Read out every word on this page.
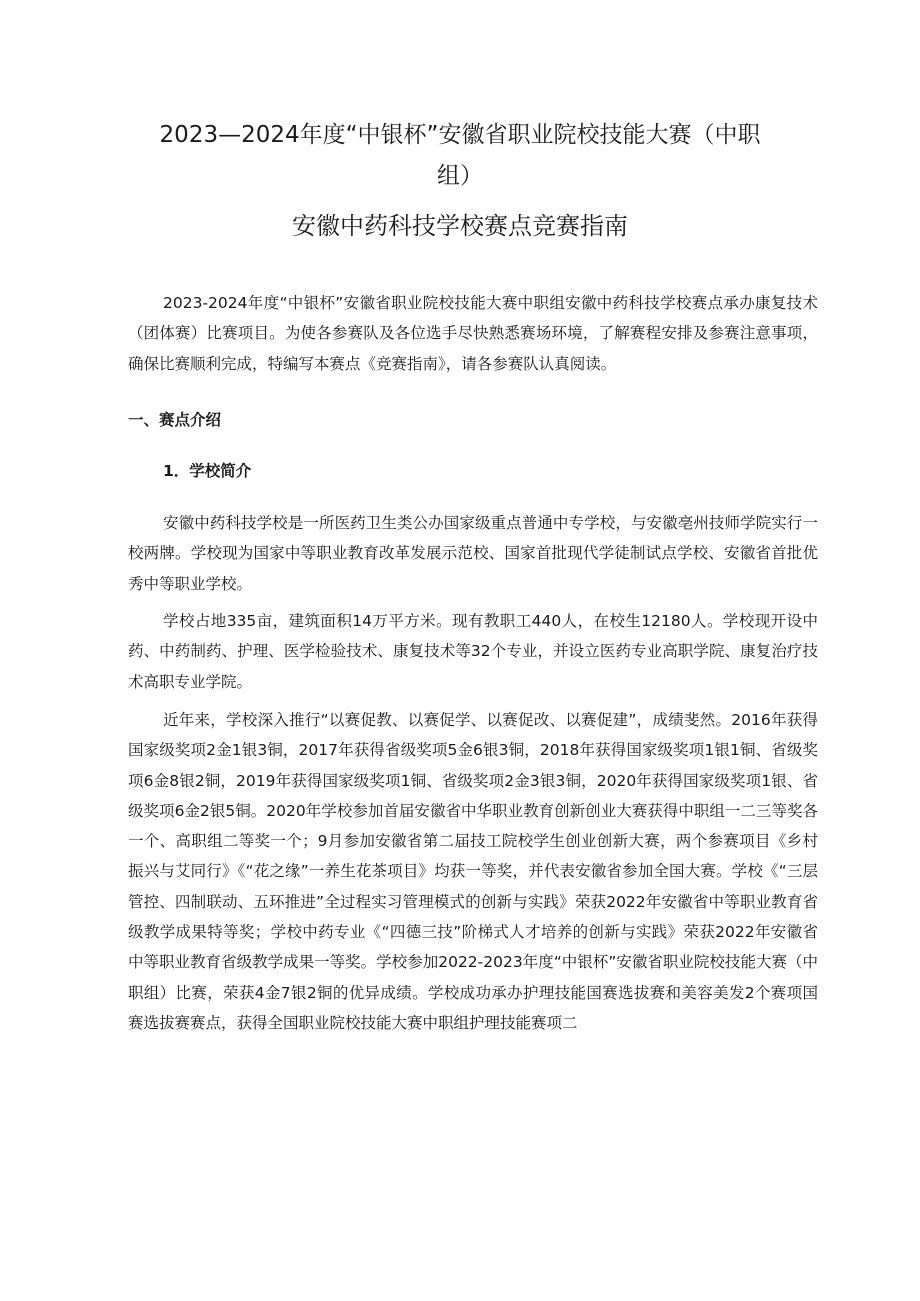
2023—2024年度“中银杯”安徽省职业院校技能大赛（中职
组）
安徽中药科技学校赛点竞赛指南

2023-2024年度“中银杯”安徽省职业院校技能大赛中职组安徽中药科技学校赛点承办康复技术（团体赛）比赛项目。为使各参赛队及各位选手尽快熟悉赛场环境，了解赛程安排及参赛注意事项，确保比赛顺利完成，特编写本赛点《竞赛指南》，请各参赛队认真阅读。

一、赛点介绍
1．学校简介

安徽中药科技学校是一所医药卫生类公办国家级重点普通中专学校，与安徽亳州技师学院实行一校两牌。学校现为国家中等职业教育改革发展示范校、国家首批现代学徒制试点学校、安徽省首批优秀中等职业学校。

学校占地335亩，建筑面积14万平方米。现有教职工440人，在校生12180人。学校现开设中药、中药制药、护理、医学检验技术、康复技术等32个专业，并设立医药专业高职学院、康复治疗技术高职专业学院。

近年来，学校深入推行“以赛促教、以赛促学、以赛促改、以赛促建”，成绩斐然。2016年获得国家级奖项2金1银3铜，2017年获得省级奖项5金6银3铜，2018年获得国家级奖项1银1铜、省级奖项6金8银2铜，2019年获得国家级奖项1铜、省级奖项2金3银3铜，2020年获得国家级奖项1银、省级奖项6金2银5铜。2020年学校参加首届安徽省中华职业教育创新创业大赛获得中职组一二三等奖各一个、高职组二等奖一个；9月参加安徽省第二届技工院校学生创业创新大赛，两个参赛项目《乡村振兴与艾同行》《“花之缘”一养生花茶项目》均获一等奖，并代表安徽省参加全国大赛。学校《“三层管控、四制联动、五环推进”全过程实习管理模式的创新与实践》荣获2022年安徽省中等职业教育省级教学成果特等奖；学校中药专业《“四德三技”阶梯式人才培养的创新与实践》荣获2022年安徽省中等职业教育省级教学成果一等奖。学校参加2022-2023年度“中银杯”安徽省职业院校技能大赛（中职组）比赛，荣获4金7银2铜的优异成绩。学校成功承办护理技能国赛选拔赛和美容美发2个赛项国赛选拔赛赛点，获得全国职业院校技能大赛中职组护理技能赛项二
